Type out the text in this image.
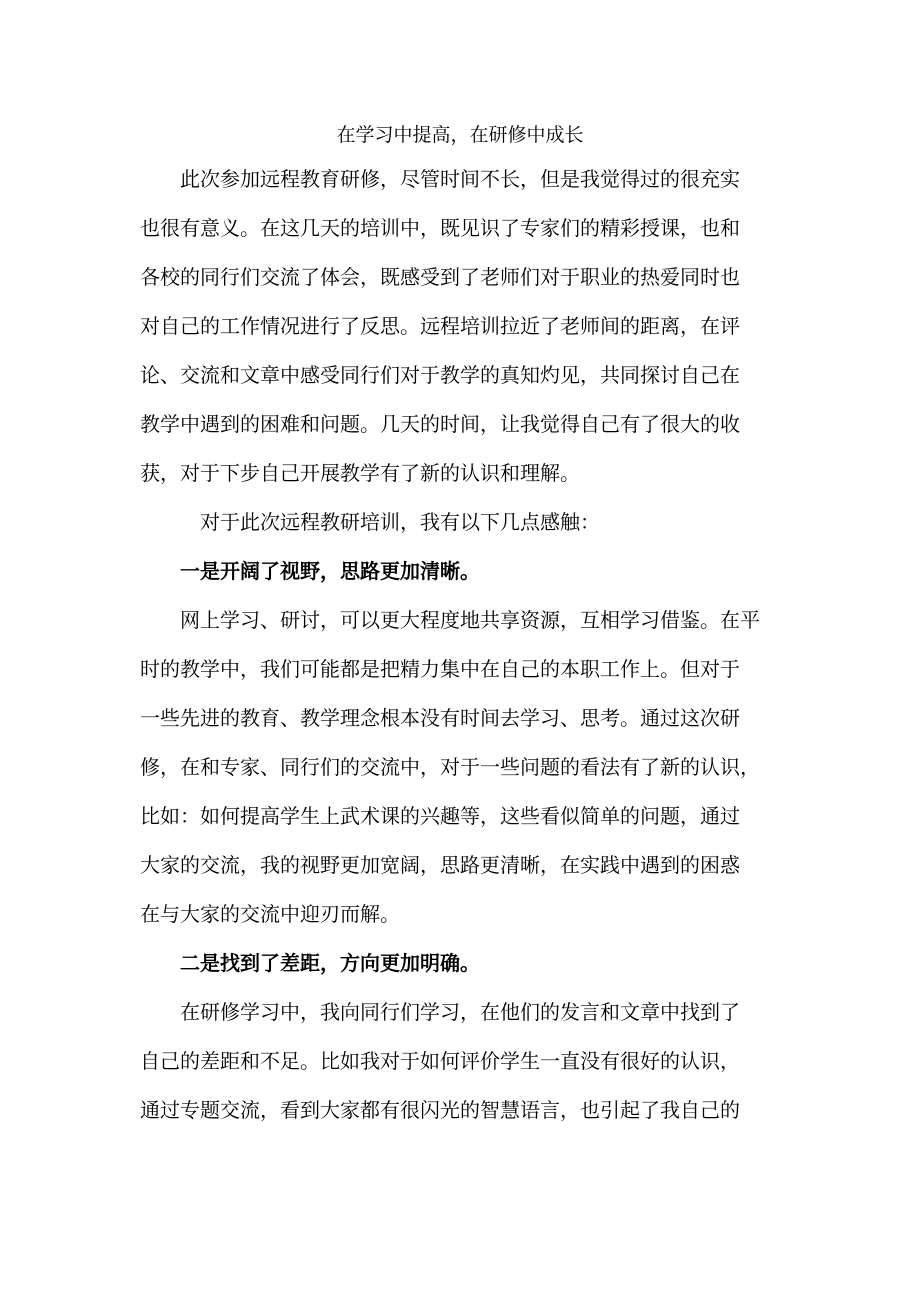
在学习中提高，在研修中成长
　　此次参加远程教育研修，尽管时间不长，但是我觉得过的很充实
也很有意义。在这几天的培训中，既见识了专家们的精彩授课，也和
各校的同行们交流了体会，既感受到了老师们对于职业的热爱同时也
对自己的工作情况进行了反思。远程培训拉近了老师间的距离，在评
论、交流和文章中感受同行们对于教学的真知灼见，共同探讨自己在
教学中遇到的困难和问题。几天的时间，让我觉得自己有了很大的收
获，对于下步自己开展教学有了新的认识和理解。
　　　对于此次远程教研培训，我有以下几点感触：
　　一是开阔了视野，思路更加清晰。
　　网上学习、研讨，可以更大程度地共享资源，互相学习借鉴。在平
时的教学中，我们可能都是把精力集中在自己的本职工作上。但对于
一些先进的教育、教学理念根本没有时间去学习、思考。通过这次研
修，在和专家、同行们的交流中，对于一些问题的看法有了新的认识，
比如：如何提高学生上武术课的兴趣等，这些看似简单的问题，通过
大家的交流，我的视野更加宽阔，思路更清晰，在实践中遇到的困惑
在与大家的交流中迎刃而解。
　　二是找到了差距，方向更加明确。
　　在研修学习中，我向同行们学习，在他们的发言和文章中找到了
自己的差距和不足。比如我对于如何评价学生一直没有很好的认识，
通过专题交流，看到大家都有很闪光的智慧语言，也引起了我自己的
